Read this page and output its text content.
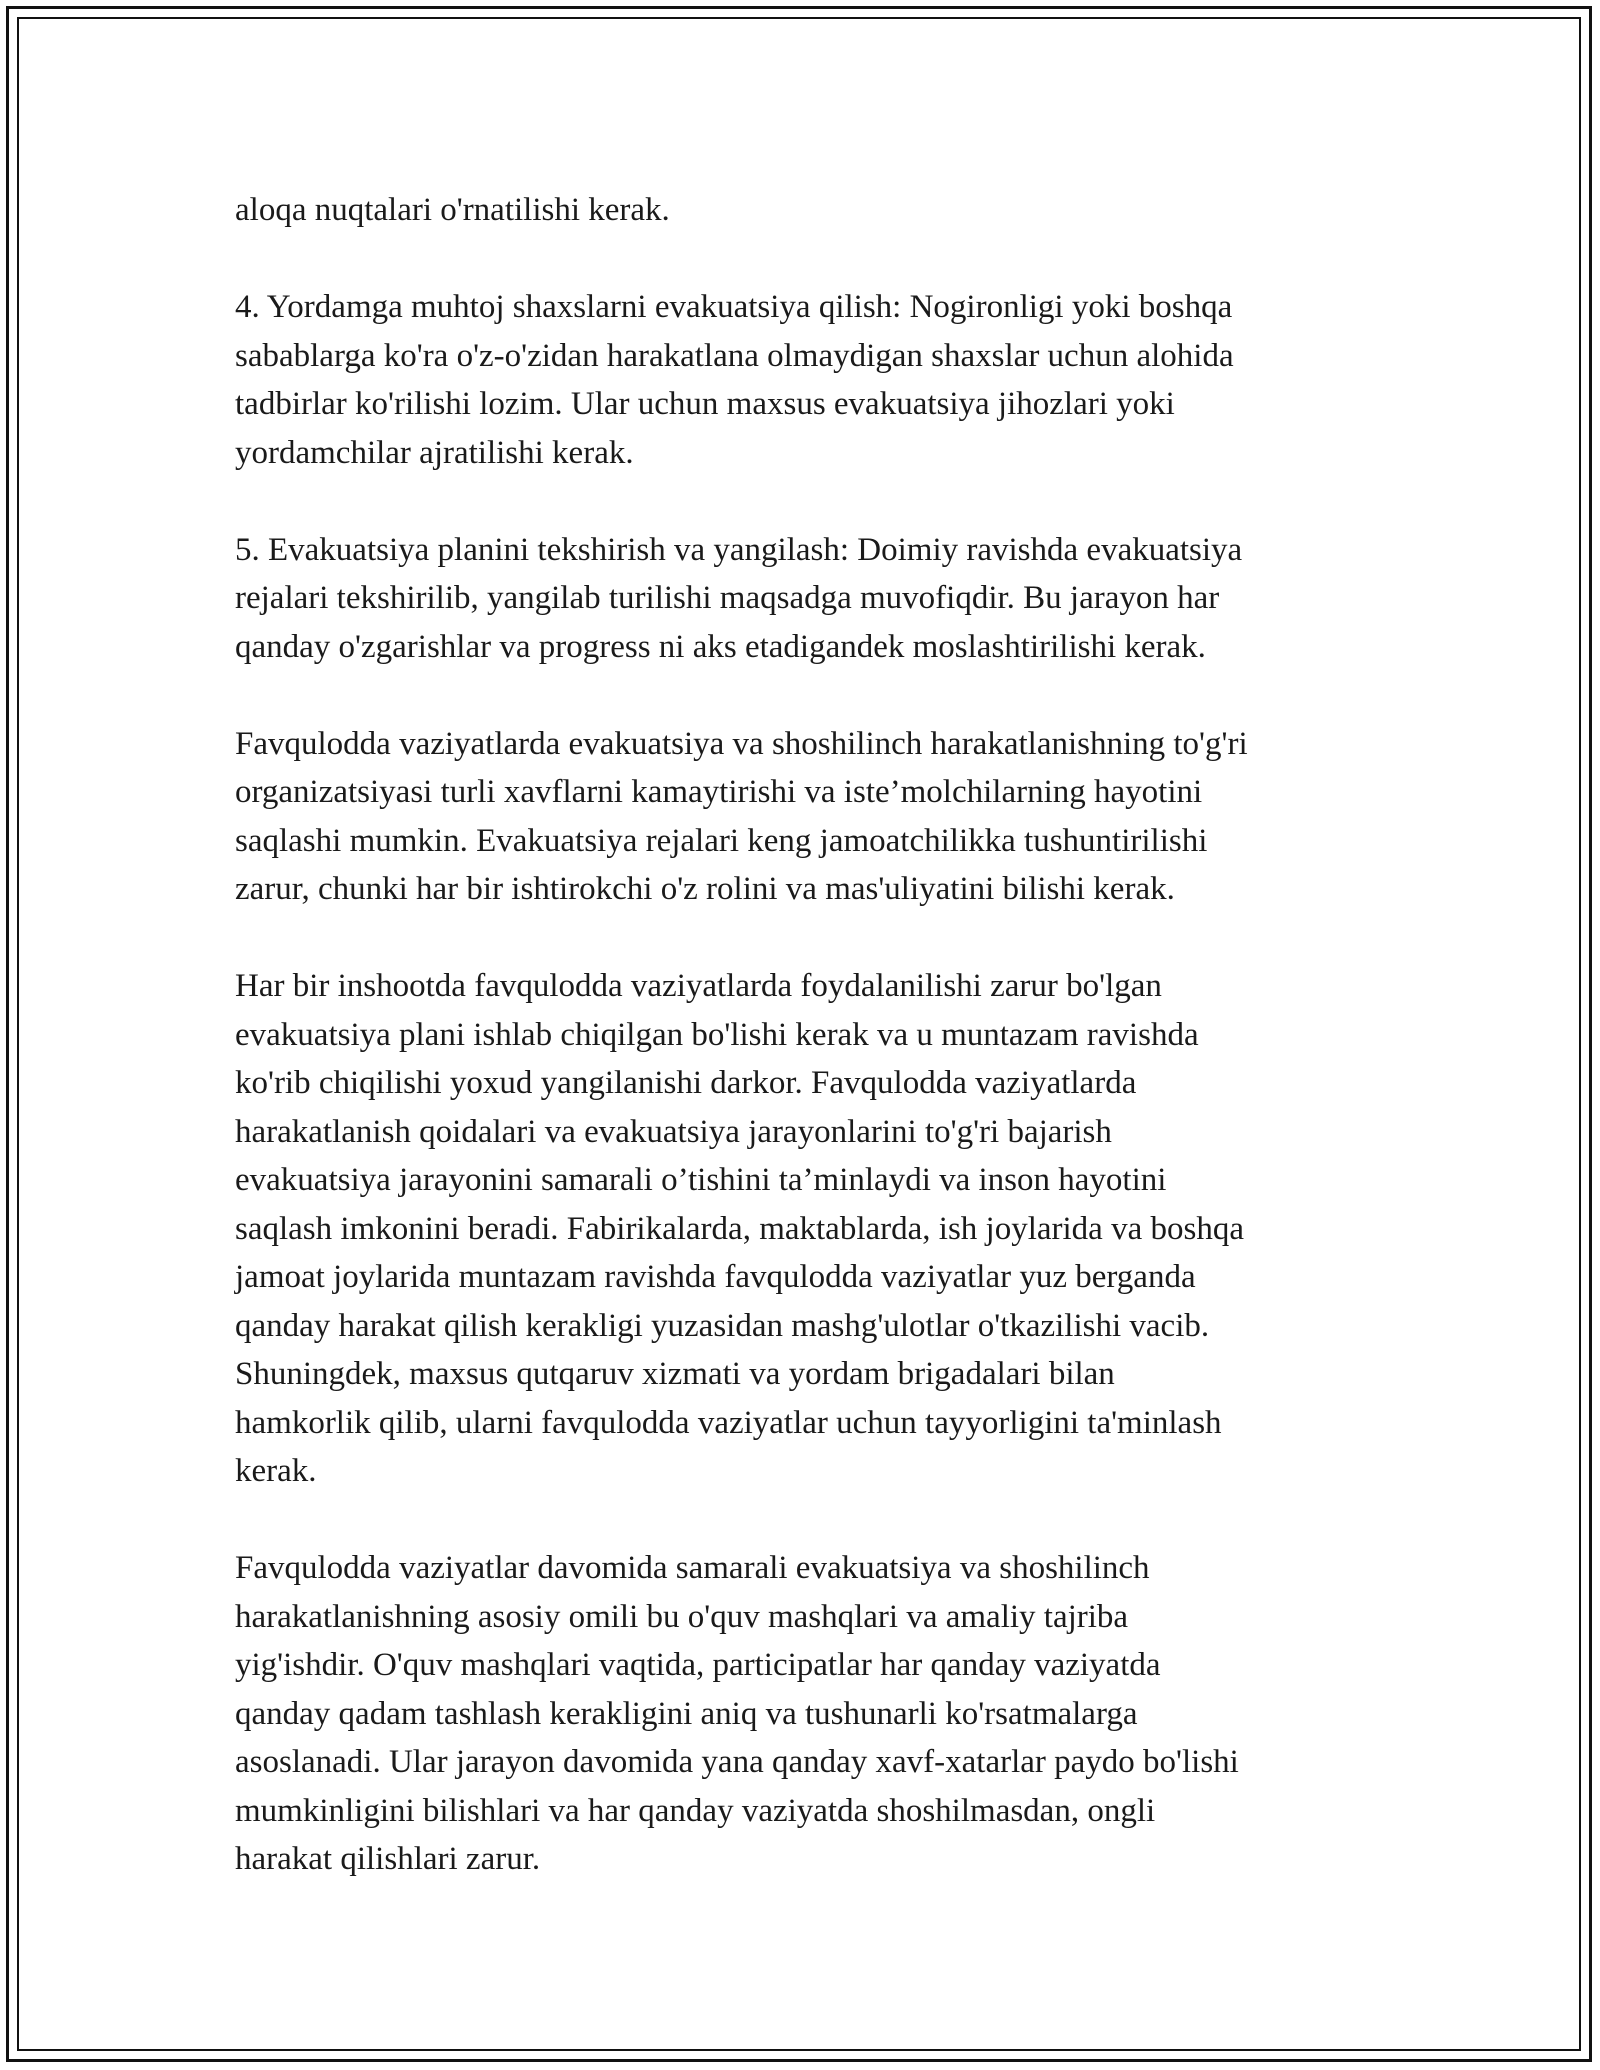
aloqa nuqtalari o'rnatilishi kerak.

4. Yordamga muhtoj shaxslarni evakuatsiya qilish: Nogironligi yoki boshqa
sabablarga ko'ra o'z-o'zidan harakatlana olmaydigan shaxslar uchun alohida
tadbirlar ko'rilishi lozim. Ular uchun maxsus evakuatsiya jihozlari yoki
yordamchilar ajratilishi kerak.

5. Evakuatsiya planini tekshirish va yangilash: Doimiy ravishda evakuatsiya
rejalari tekshirilib, yangilab turilishi maqsadga muvofiqdir. Bu jarayon har
qanday o'zgarishlar va progress ni aks etadigandek moslashtirilishi kerak.

Favqulodda vaziyatlarda evakuatsiya va shoshilinch harakatlanishning to'g'ri
organizatsiyasi turli xavflarni kamaytirishi va iste’molchilarning hayotini
saqlashi mumkin. Evakuatsiya rejalari keng jamoatchilikka tushuntirilishi
zarur, chunki har bir ishtirokchi o'z rolini va mas'uliyatini bilishi kerak.

Har bir inshootda favqulodda vaziyatlarda foydalanilishi zarur bo'lgan
evakuatsiya plani ishlab chiqilgan bo'lishi kerak va u muntazam ravishda
ko'rib chiqilishi yoxud yangilanishi darkor. Favqulodda vaziyatlarda
harakatlanish qoidalari va evakuatsiya jarayonlarini to'g'ri bajarish
evakuatsiya jarayonini samarali o’tishini ta’minlaydi va inson hayotini
saqlash imkonini beradi. Fabirikalarda, maktablarda, ish joylarida va boshqa
jamoat joylarida muntazam ravishda favqulodda vaziyatlar yuz berganda
qanday harakat qilish kerakligi yuzasidan mashg'ulotlar o'tkazilishi vacib.
Shuningdek, maxsus qutqaruv xizmati va yordam brigadalari bilan
hamkorlik qilib, ularni favqulodda vaziyatlar uchun tayyorligini ta'minlash
kerak.

Favqulodda vaziyatlar davomida samarali evakuatsiya va shoshilinch
harakatlanishning asosiy omili bu o'quv mashqlari va amaliy tajriba
yig'ishdir. O'quv mashqlari vaqtida, participatlar har qanday vaziyatda
qanday qadam tashlash kerakligini aniq va tushunarli ko'rsatmalarga
asoslanadi. Ular jarayon davomida yana qanday xavf-xatarlar paydo bo'lishi
mumkinligini bilishlari va har qanday vaziyatda shoshilmasdan, ongli
harakat qilishlari zarur.
